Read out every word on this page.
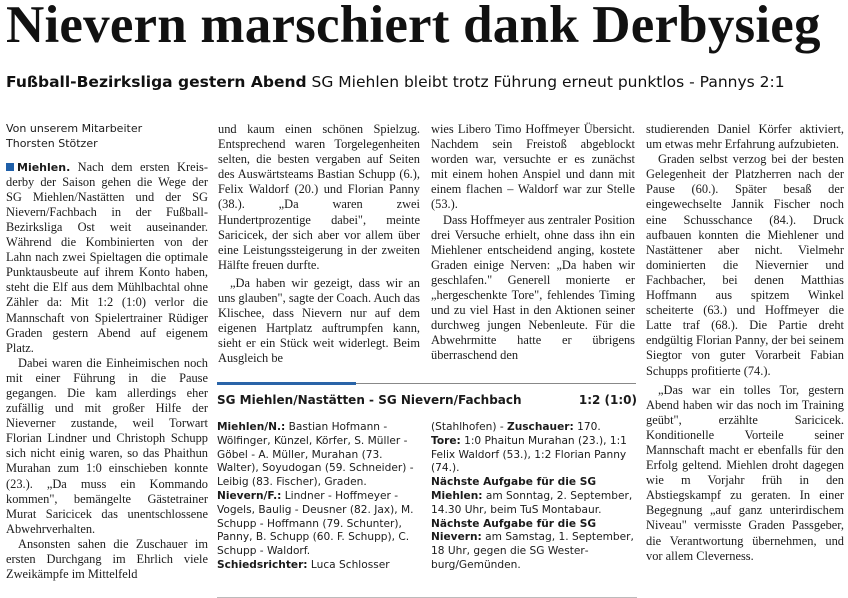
Nievern marschiert dank Derbysieg
Fußball-Bezirksliga gestern Abend SG Miehlen bleibt trotz Führung erneut punktlos - Pannys 2:1
Von unserem Mitarbeiter
Thorsten Stötzer

Miehlen. Nach dem ersten Kreisderby der Saison gehen die Wege der SG Miehlen/Nastätten und der SG Nievern/Fachbach in der Fußball-Bezirksliga Ost weit auseinander. Während die Kombinierten von der Lahn nach zwei Spieltagen die optimale Punktausbeute auf ihrem Konto haben, steht die Elf aus dem Mühlbachtal ohne Zähler da: Mit 1:2 (1:0) verlor die Mannschaft von Spielertrainer Rüdiger Graden gestern Abend auf eigenem Platz.

Dabei waren die Einheimischen noch mit einer Führung in die Pause gegangen. Die kam allerdings eher zufällig und mit großer Hilfe der Nieverner zustande, weil Torwart Florian Lindner und Christoph Schupp sich nicht einig waren, so das Phaithun Murahan zum 1:0 einschieben konnte (23.). „Da muss ein Kommando kommen", bemängelte Gästetrainer Murat Saricicek das unentschlossene Abwehrverhalten.

Ansonsten sahen die Zuschauer im ersten Durchgang im Ehrlich viele Zweikämpfe im Mittelfeld

und kaum einen schönen Spielzug. Entsprechend waren Torgelegenheiten selten, die besten vergaben auf Seiten des Auswärtsteams Bastian Schupp (6.), Felix Waldorf (20.) und Florian Panny (38.). „Da waren zwei Hundertprozentige dabei", meinte Saricicek, der sich aber vor allem über eine Leistungssteigerung in der zweiten Hälfte freuen durfte.

„Da haben wir gezeigt, dass wir an uns glauben", sagte der Coach. Auch das Klischee, dass Nievern nur auf dem eigenen Hartplatz auftrumpfen kann, sieht er ein Stück weit widerlegt. Beim Ausgleich be

wies Libero Timo Hoffmeyer Übersicht. Nachdem sein Freistoß abgeblockt worden war, versuchte er es zunächst mit einem hohen Anspiel und dann mit einem flachen – Waldorf war zur Stelle (53.).

Dass Hoffmeyer aus zentraler Position drei Versuche erhielt, ohne dass ihn ein Miehlener entscheidend anging, kostete Graden einige Nerven: „Da haben wir geschlafen." Generell monierte er „hergeschenkte Tore", fehlendes Timing und zu viel Hast in den Aktionen seiner durchweg jungen Nebenleute. Für die Abwehrmitte hatte er übrigens überraschend den

studierenden Daniel Körfer aktiviert, um etwas mehr Erfahrung aufzubieten.

Graden selbst verzog bei der besten Gelegenheit der Platzherren nach der Pause (60.). Später besaß der eingewechselte Jannik Fischer noch eine Schusschance (84.). Druck aufbauen konnten die Miehlener und Nastättener aber nicht. Vielmehr dominierten die Nievernier und Fachbacher, bei denen Matthias Hoffmann aus spitzem Winkel scheiterte (63.) und Hoffmeyer die Latte traf (68.). Die Partie dreht endgültig Florian Panny, der bei seinem Siegtor von guter Vorarbeit Fabian Schupps profitierte (74.).

„Das war ein tolles Tor, gestern Abend haben wir das noch im Training geübt", erzählte Saricicek. Konditionelle Vorteile seiner Mannschaft macht er ebenfalls für den Erfolg geltend. Miehlen droht dagegen wie m Vorjahr früh in den Abstiegskampf zu geraten. In einer Begegnung „auf ganz unterirdischem Niveau" vermisste Graden Passgeber, die Verantwortung übernehmen, und vor allem Cleverness.

SG Miehlen/Nastätten - SG Nievern/Fachbach	1:2 (1:0)
Miehlen/N.: Bastian Hofmann - Wölfinger, Künzel, Körfer, S. Müller - Göbel - A. Müller, Murahan (73. Walter), Soyudogan (59. Schneider) - Leibig (83. Fischer), Graden.
Nievern/F.: Lindner - Hoffmeyer - Vogels, Baulig - Deusner (82. Jax), M. Schupp - Hoffmann (79. Schunter), Panny, B. Schupp (60. F. Schupp), C. Schupp - Waldorf.
Schiedsrichter: Luca Schlosser
(Stahlhofen) - Zuschauer: 170.
Tore: 1:0 Phaitun Murahan (23.), 1:1 Felix Waldorf (53.), 1:2 Florian Panny (74.).
Nächste Aufgabe für die SG Miehlen: am Sonntag, 2. September, 14.30 Uhr, beim TuS Montabaur. Nächste Aufgabe für die SG Nievern: am Samstag, 1. September, 18 Uhr, gegen die SG Westerburg/Gemünden.
